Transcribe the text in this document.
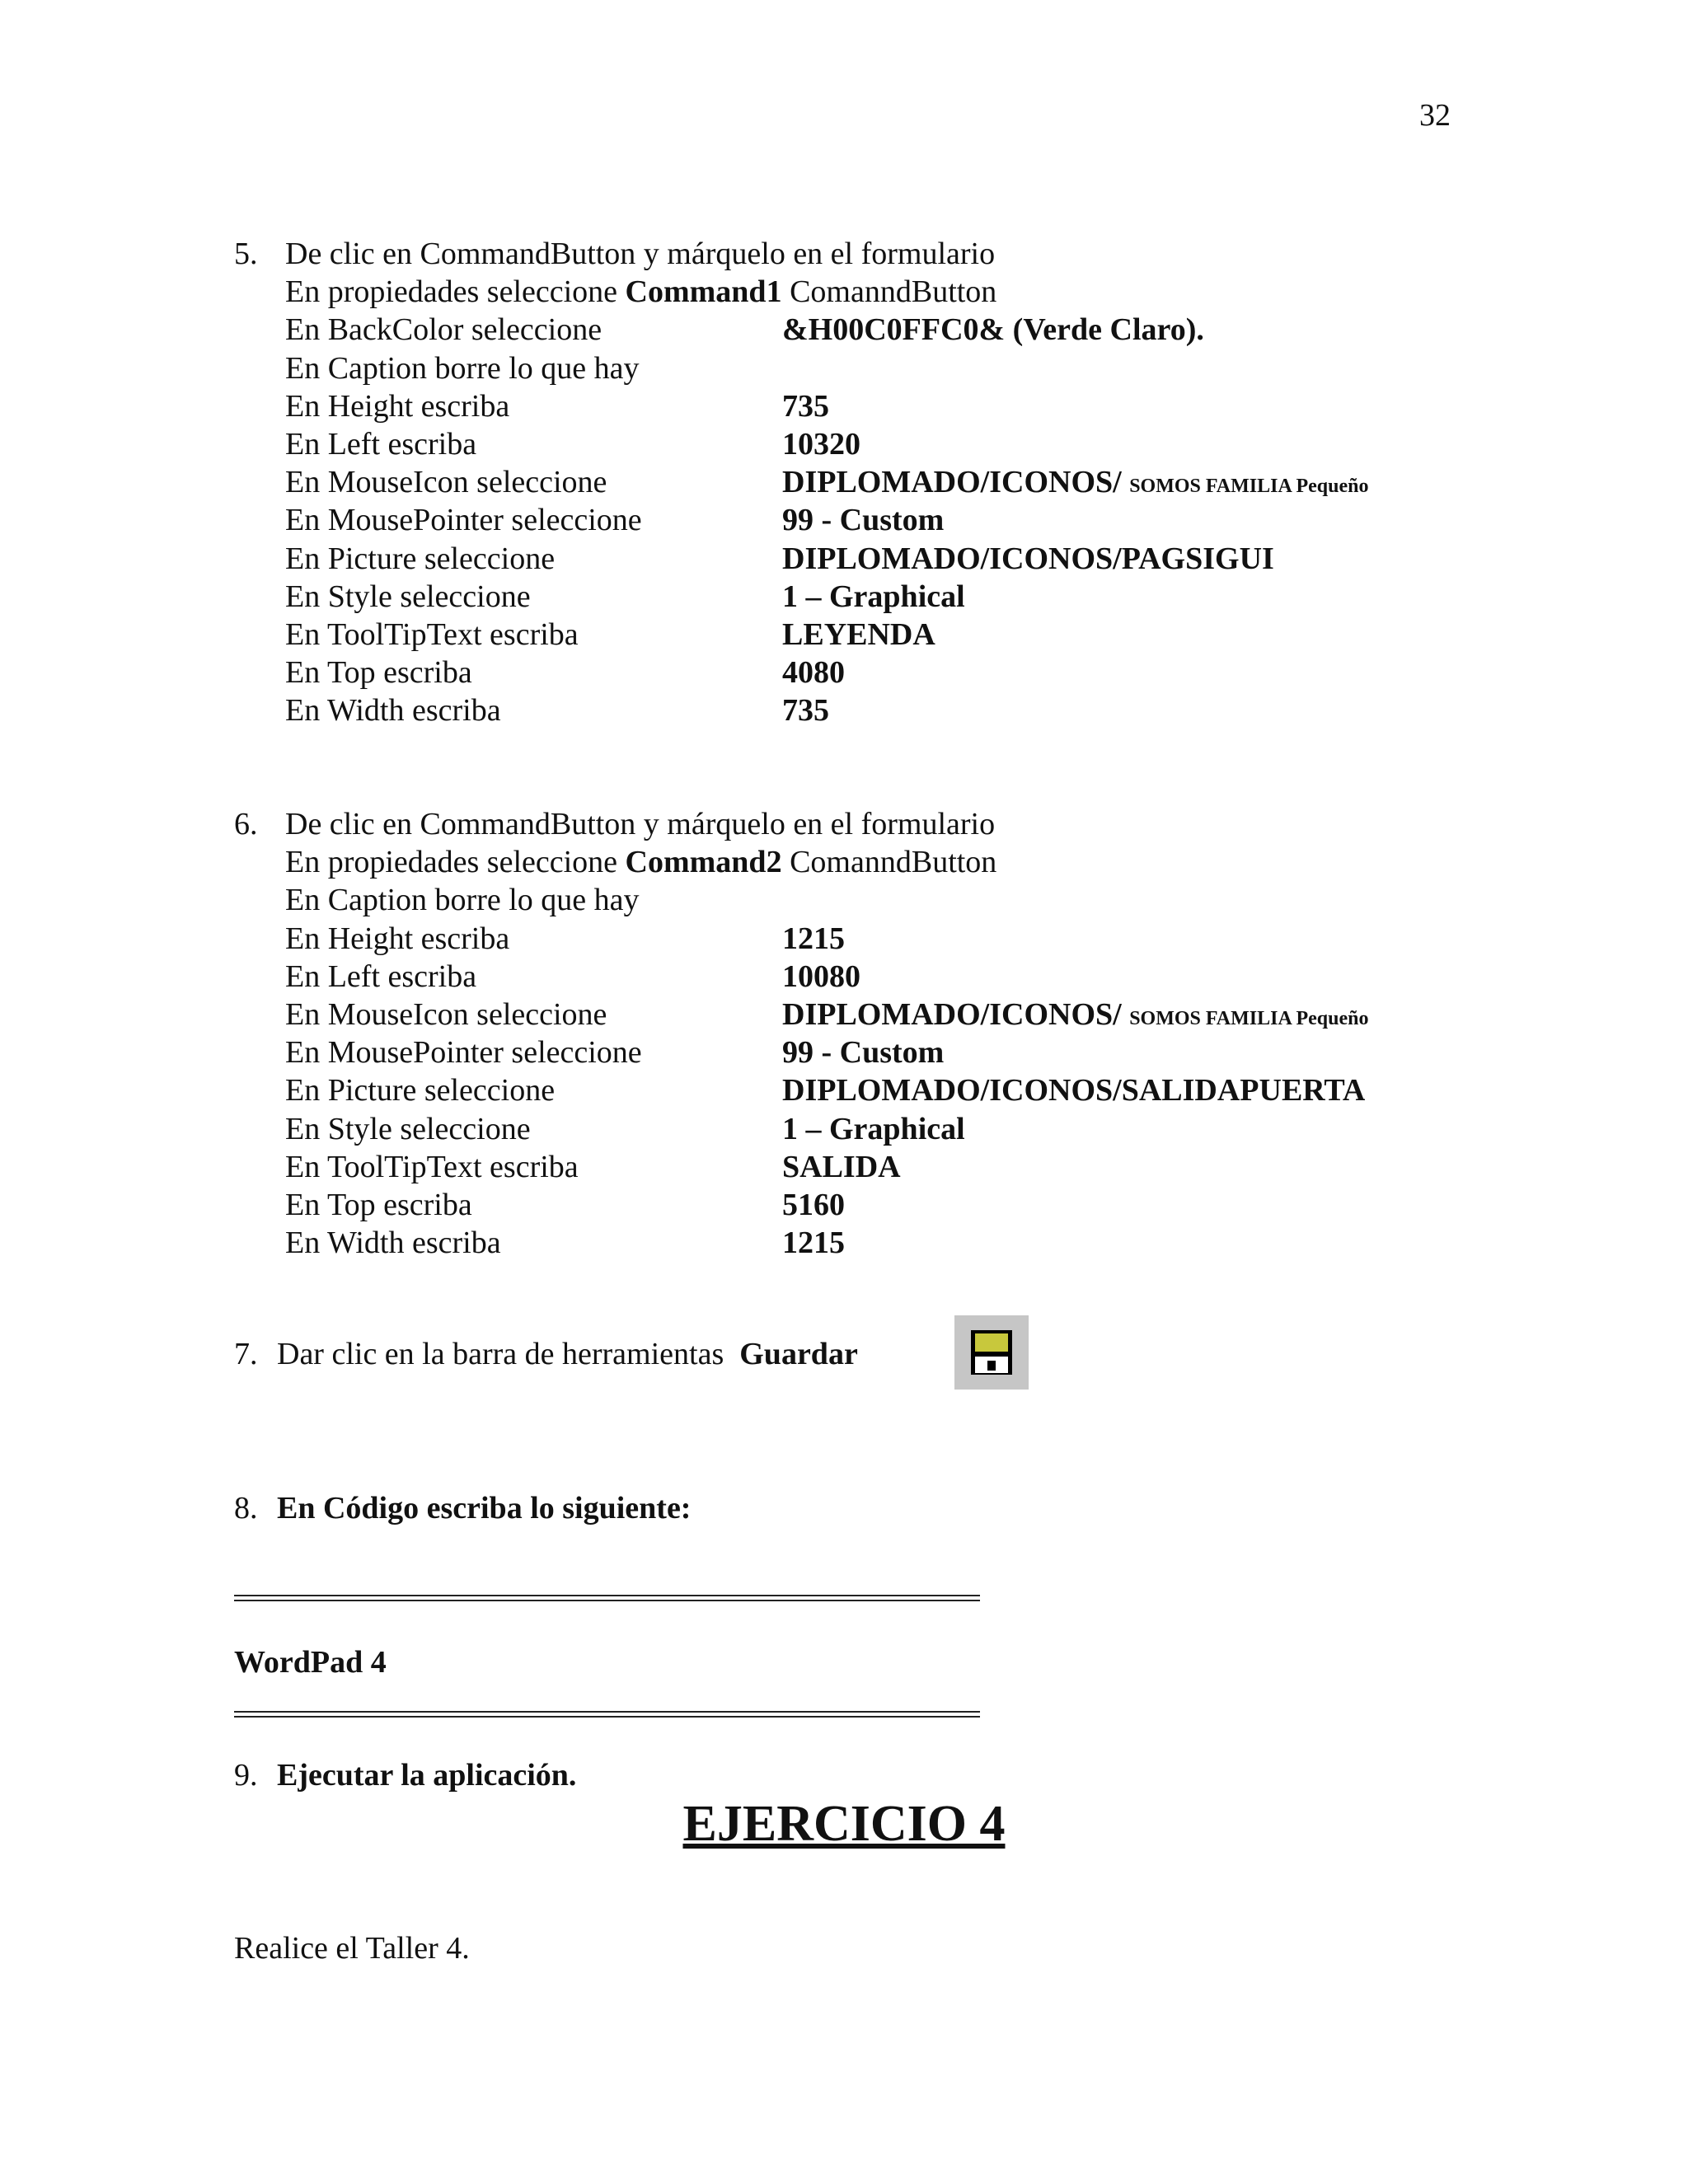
32
5. De clic en CommandButton y márquelo en el formulario
En propiedades seleccione Command1 ComanndButton
En BackColor seleccione	&H00C0FFC0& (Verde Claro).
En Caption borre lo que hay
En Height escriba	735
En Left escriba	10320
En MouseIcon seleccione	DIPLOMADO/ICONOS/ SOMOS FAMILIA Pequeño
En MousePointer seleccione	99 - Custom
En Picture seleccione	DIPLOMADO/ICONOS/PAGSIGUI
En Style seleccione	1 – Graphical
En ToolTipText escriba	LEYENDA
En Top escriba	4080
En Width escriba	735
6. De clic en CommandButton y márquelo en el formulario
En propiedades seleccione Command2 ComanndButton
En Caption borre lo que hay
En Height escriba	1215
En Left escriba	10080
En MouseIcon seleccione	DIPLOMADO/ICONOS/ SOMOS FAMILIA Pequeño
En MousePointer seleccione	99 - Custom
En Picture seleccione	DIPLOMADO/ICONOS/SALIDAPUERTA
En Style seleccione	1 – Graphical
En ToolTipText escriba	SALIDA
En Top escriba	5160
En Width escriba	1215
7. Dar clic en la barra de herramientas Guardar
8. En Código escriba lo siguiente:
WordPad 4
9. Ejecutar la aplicación.
EJERCICIO 4
Realice el Taller 4.
